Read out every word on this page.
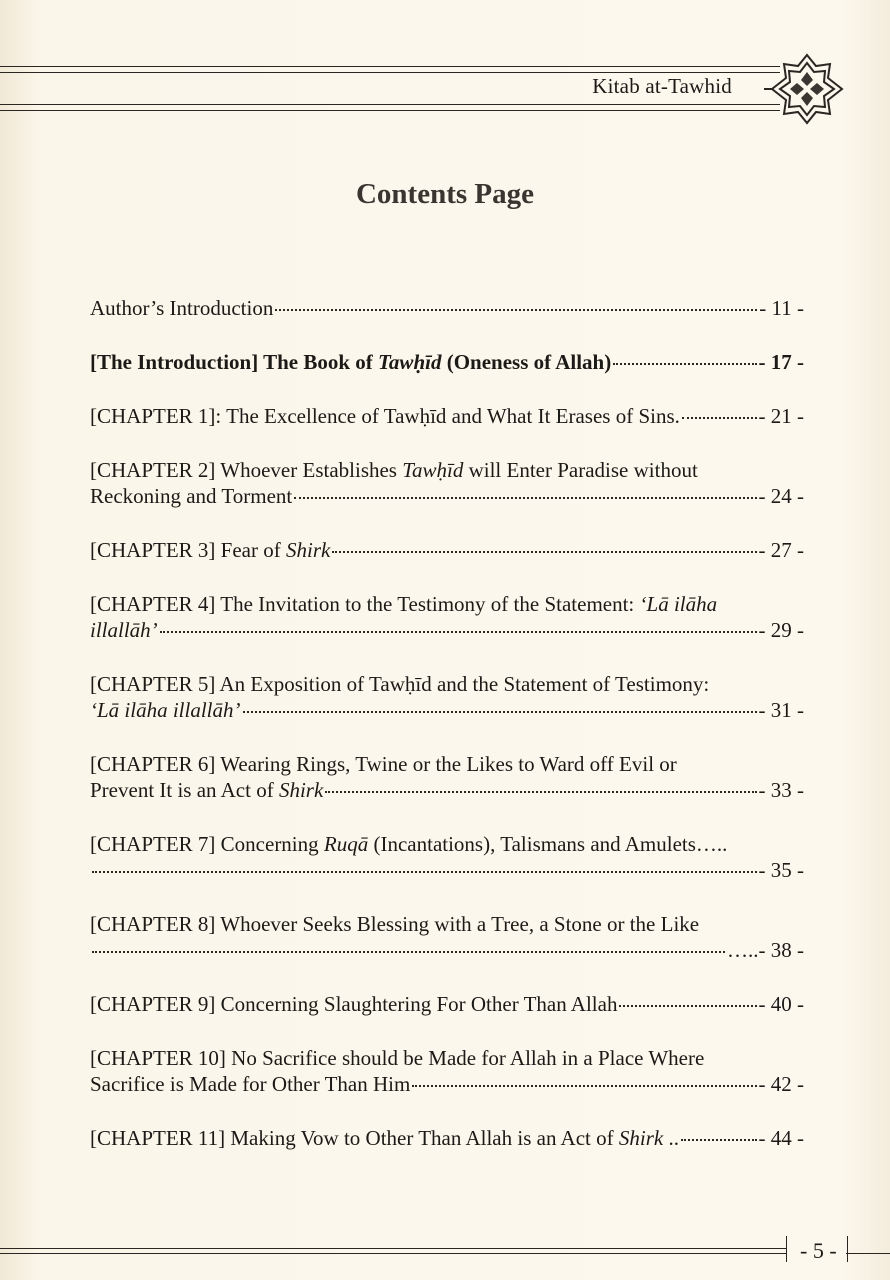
Kitab at-Tawhid
Contents Page
Author’s Introduction	- 11 -
[The Introduction] The Book of Tawḥīd (Oneness of Allah)	- 17 -
[CHAPTER 1]: The Excellence of Tawḥīd and What It Erases of Sins.	- 21 -
[CHAPTER 2] Whoever Establishes Tawḥīd will Enter Paradise without
Reckoning and Torment	- 24 -
[CHAPTER 3] Fear of Shirk	- 27 -
[CHAPTER 4] The Invitation to the Testimony of the Statement: ‘Lā ilāha
illallāh’	- 29 -
[CHAPTER 5] An Exposition of Tawḥīd and the Statement of Testimony:
‘Lā ilāha illallāh’	- 31 -
[CHAPTER 6] Wearing Rings, Twine or the Likes to Ward off Evil or
Prevent It is an Act of Shirk	- 33 -
[CHAPTER 7] Concerning Ruqā (Incantations), Talismans and Amulets…..
- 35 -
[CHAPTER 8] Whoever Seeks Blessing with a Tree, a Stone or the Like
…..- 38 -
[CHAPTER 9] Concerning Slaughtering For Other Than Allah	- 40 -
[CHAPTER 10] No Sacrifice should be Made for Allah in a Place Where
Sacrifice is Made for Other Than Him	- 42 -
[CHAPTER 11] Making Vow to Other Than Allah is an Act of Shirk ..	- 44 -
- 5 -
